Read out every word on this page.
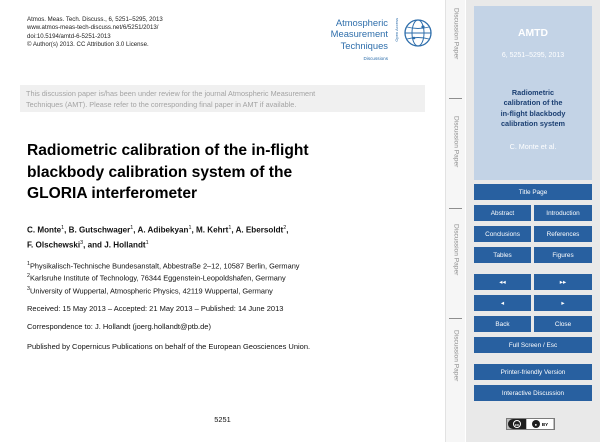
Atmos. Meas. Tech. Discuss., 6, 5251–5295, 2013
www.atmos-meas-tech-discuss.net/6/5251/2013/
doi:10.5194/amtd-6-5251-2013
© Author(s) 2013. CC Attribution 3.0 License.
Atmospheric
Measurement
Techniques
Discussions
Open Access
This discussion paper is/has been under review for the journal Atmospheric Measurement
Techniques (AMT). Please refer to the corresponding final paper in AMT if available.
Radiometric calibration of the in-flight
blackbody calibration system of the
GLORIA interferometer
C. Monte$^1$, B. Gutschwager$^1$, A. Adibekyan$^1$, M. Kehrt$^1$, A. Ebersoldt$^2$,
F. Olschewski$^3$, and J. Hollandt$^1$
$^1$Physikalisch-Technische Bundesanstalt, Abbestraße 2–12, 10587 Berlin, Germany
$^2$Karlsruhe Institute of Technology, 76344 Eggenstein-Leopoldshafen, Germany
$^3$University of Wuppertal, Atmospheric Physics, 42119 Wuppertal, Germany
Received: 15 May 2013 – Accepted: 21 May 2013 – Published: 14 June 2013
Correspondence to: J. Hollandt (joerg.hollandt@ptb.de)
Published by Copernicus Publications on behalf of the European Geosciences Union.
5251
Discussion Paper
Discussion Paper
Discussion Paper
Discussion Paper
AMTD
6, 5251–5295, 2013
Radiometric
calibration of the
in-flight blackbody
calibration system
C. Monte et al.
Title Page
Abstract	Introduction
Conclusions	References
Tables	Figures
◂◂	▸▸
◂	▸
Back	Close
Full Screen / Esc
Printer-friendly Version
Interactive Discussion
cc	●	BY
